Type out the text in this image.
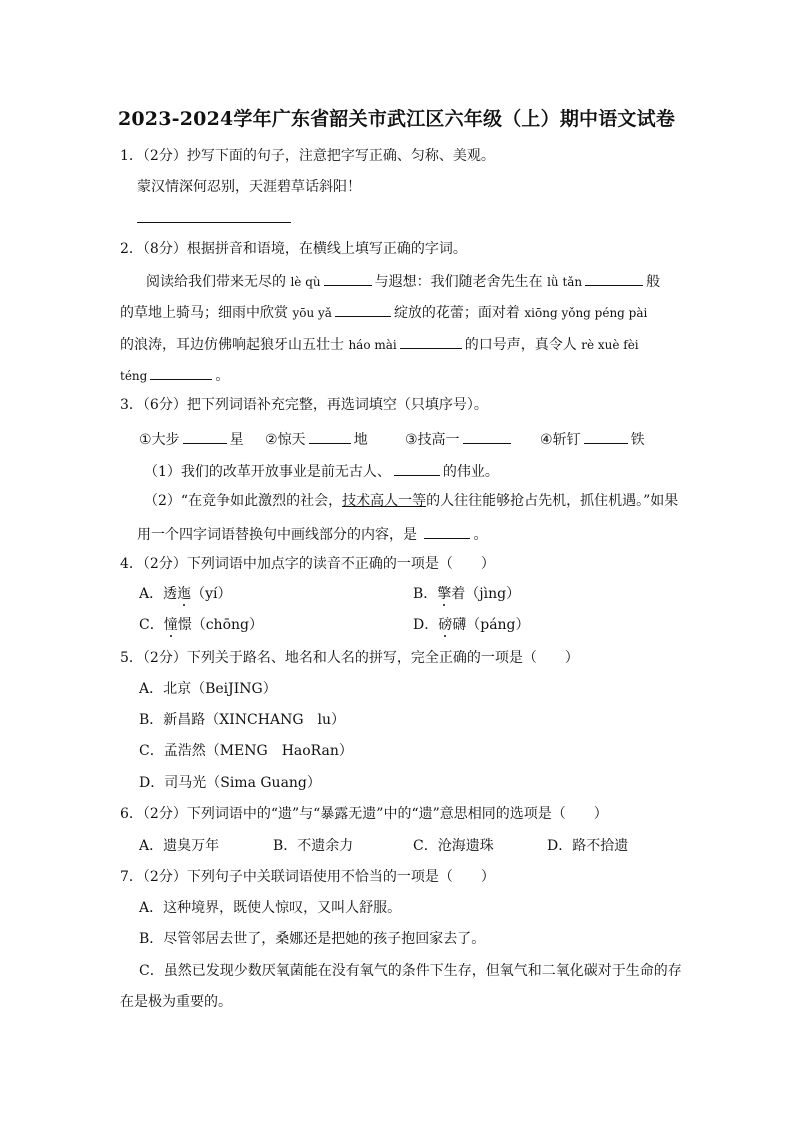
2023-2024学年广东省韶关市武江区六年级（上）期中语文试卷
1．（2分）抄写下面的句子，注意把字写正确、匀称、美观。
蒙汉情深何忍别，天涯碧草话斜阳！
2．（8分）根据拼音和语境，在横线上填写正确的字词。
阅读给我们带来无尽的 lè qù	与遐想：我们随老舍先生在 lǜ tǎn	般
的草地上骑马；细雨中欣赏 yōu yǎ	绽放的花蕾；面对着 xiōng yǒng péng pài
的浪涛，耳边仿佛响起狼牙山五壮士 háo mài	的口号声，真令人 rè xuè fèi
téng	。
3．（6分）把下列词语补充完整，再选词填空（只填序号）。
①大步	星 ②惊天	地	③技高一	④斩钉	铁
（1）我们的改革开放事业是前无古人、	的伟业。
（2）“在竞争如此激烈的社会，技术高人一等的人往往能够抢占先机，抓住机遇。”如果
用一个四字词语替换句中画线部分的内容，是	。
4．（2分）下列词语中加点字的读音不正确的一项是（　　）
A．透迤（yí）	B．擎着（jìng）
C．憧憬（chōng）	D．磅礴（páng）
5．（2分）下列关于路名、地名和人名的拼写，完全正确的一项是（　　）
A．北京（BeiJING）
B．新昌路（XINCHANG　lu）
C．孟浩然（MENG　HaoRan）
D．司马光（Sima Guang）
6．（2分）下列词语中的“遗”与“暴露无遗”中的“遗”意思相同的选项是（　　）
A．遗臭万年	B．不遗余力	C．沧海遗珠	D．路不拾遗
7．（2分）下列句子中关联词语使用不恰当的一项是（　　）
A．这种境界，既使人惊叹，又叫人舒服。
B．尽管邻居去世了，桑娜还是把她的孩子抱回家去了。
C．虽然已发现少数厌氧菌能在没有氧气的条件下生存，但氧气和二氧化碳对于生命的存
在是极为重要的。
